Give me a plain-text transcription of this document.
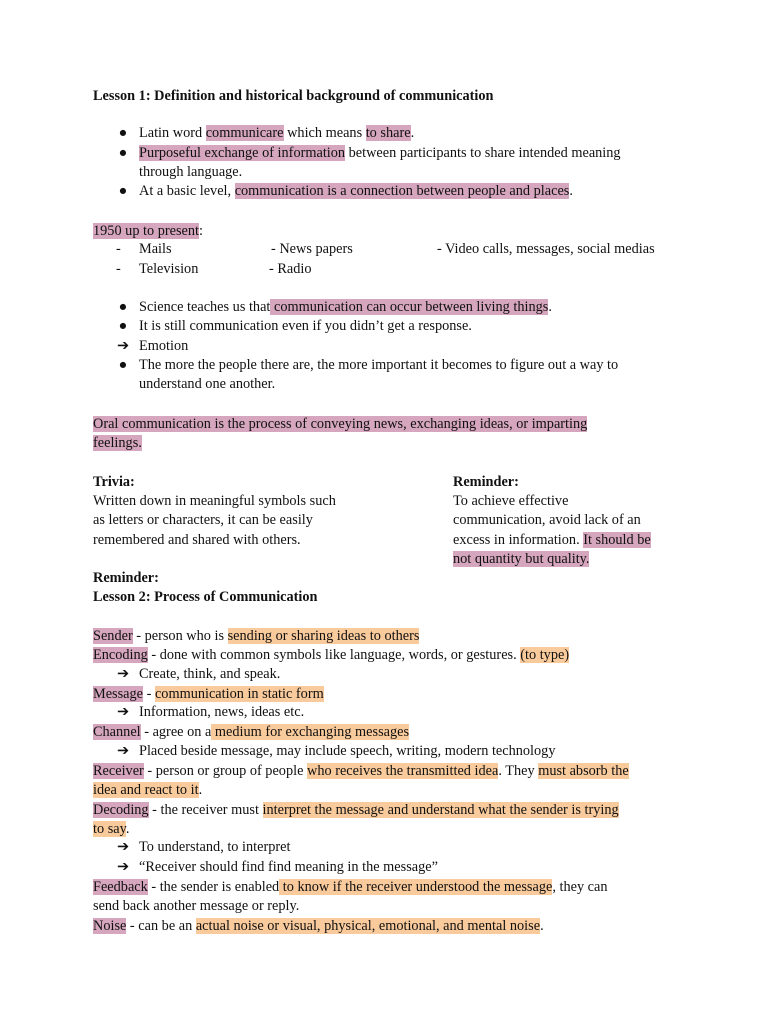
Lesson 1: Definition and historical background of communication
● Latin word communicare which means to share.
● Purposeful exchange of information between participants to share intended meaning
through language.
● At a basic level, communication is a connection between people and places.
1950 up to present:
- Mails	- News papers	- Video calls, messages, social medias
- Television	- Radio
● Science teaches us that communication can occur between living things.
● It is still communication even if you didn’t get a response.
➔ Emotion
● The more the people there are, the more important it becomes to figure out a way to
understand one another.
Oral communication is the process of conveying news, exchanging ideas, or imparting
feelings.
Trivia:
Written down in meaningful symbols such
as letters or characters, it can be easily
remembered and shared with others.
Reminder:
To achieve effective
communication, avoid lack of an
excess in information. It should be
not quantity but quality.
Reminder:
Lesson 2: Process of Communication
Sender - person who is sending or sharing ideas to others
Encoding - done with common symbols like language, words, or gestures. (to type)
➔ Create, think, and speak.
Message - communication in static form
➔ Information, news, ideas etc.
Channel - agree on a medium for exchanging messages
➔ Placed beside message, may include speech, writing, modern technology
Receiver - person or group of people who receives the transmitted idea. They must absorb the
idea and react to it.
Decoding - the receiver must interpret the message and understand what the sender is trying
to say.
➔ To understand, to interpret
➔ “Receiver should find find meaning in the message”
Feedback - the sender is enabled to know if the receiver understood the message, they can
send back another message or reply.
Noise - can be an actual noise or visual, physical, emotional, and mental noise.
